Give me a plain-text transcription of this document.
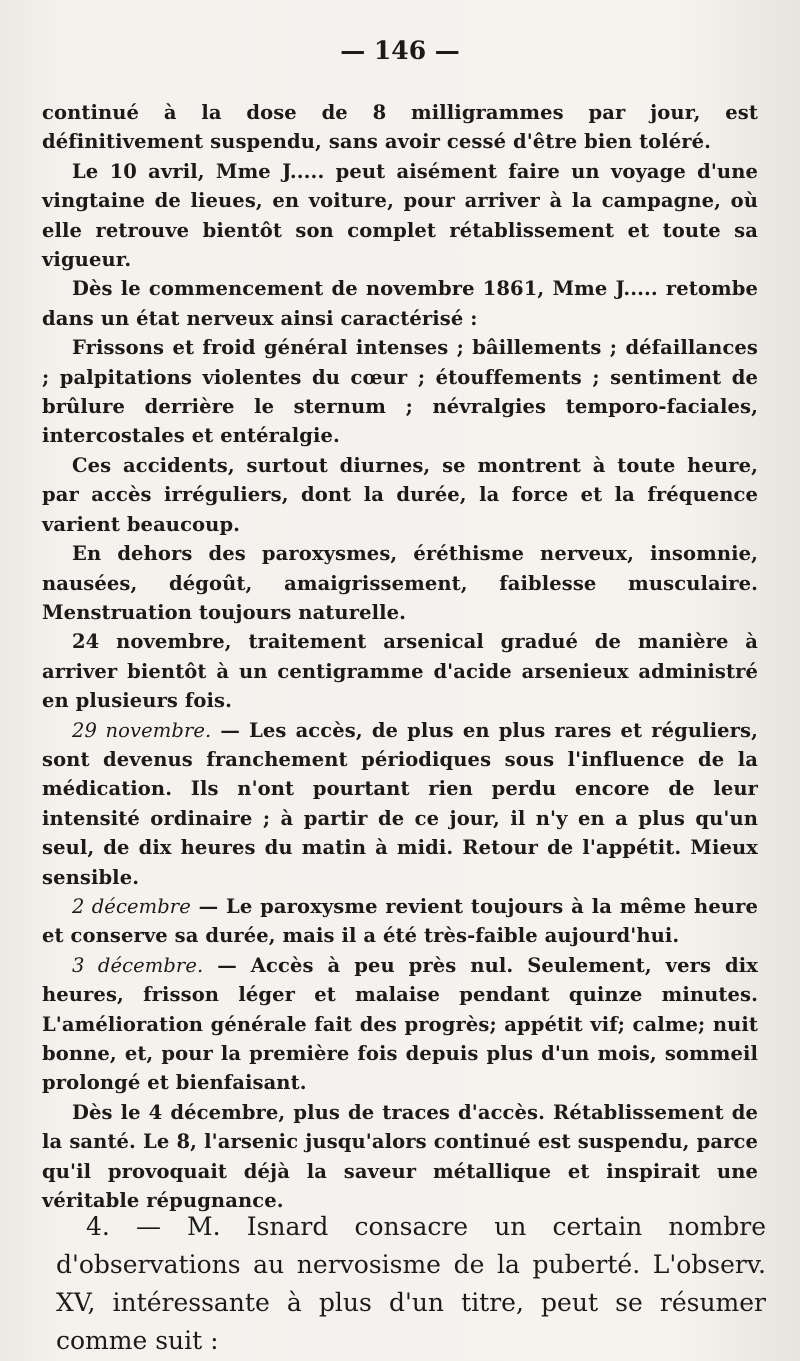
— 146 —

continué à la dose de 8 milligrammes par jour, est définitivement suspendu, sans avoir cessé d'être bien toléré.

Le 10 avril, Mme J..... peut aisément faire un voyage d'une vingtaine de lieues, en voiture, pour arriver à la campagne, où elle retrouve bientôt son complet rétablissement et toute sa vigueur.

Dès le commencement de novembre 1861, Mme J..... retombe dans un état nerveux ainsi caractérisé :

Frissons et froid général intenses ; bâillements ; défaillances ; palpitations violentes du cœur ; étouffements ; sentiment de brûlure derrière le sternum ; névralgies temporo-faciales, intercostales et entéralgie.

Ces accidents, surtout diurnes, se montrent à toute heure, par accès irréguliers, dont la durée, la force et la fréquence varient beaucoup.

En dehors des paroxysmes, éréthisme nerveux, insomnie, nausées, dégoût, amaigrissement, faiblesse musculaire. Menstruation toujours naturelle.

24 novembre, traitement arsenical gradué de manière à arriver bientôt à un centigramme d'acide arsenieux administré en plusieurs fois.

29 novembre. — Les accès, de plus en plus rares et réguliers, sont devenus franchement périodiques sous l'influence de la médication. Ils n'ont pourtant rien perdu encore de leur intensité ordinaire ; à partir de ce jour, il n'y en a plus qu'un seul, de dix heures du matin à midi. Retour de l'appétit. Mieux sensible.

2 décembre — Le paroxysme revient toujours à la même heure et conserve sa durée, mais il a été très-faible aujourd'hui.

3 décembre. — Accès à peu près nul. Seulement, vers dix heures, frisson léger et malaise pendant quinze minutes. L'amélioration générale fait des progrès; appétit vif; calme; nuit bonne, et, pour la première fois depuis plus d'un mois, sommeil prolongé et bienfaisant.

Dès le 4 décembre, plus de traces d'accès. Rétablissement de la santé. Le 8, l'arsenic jusqu'alors continué est suspendu, parce qu'il provoquait déjà la saveur métallique et inspirait une véritable répugnance.

4. — M. Isnard consacre un certain nombre d'observations au nervosisme de la puberté. L'observ. XV, intéressante à plus d'un titre, peut se résumer comme suit :
